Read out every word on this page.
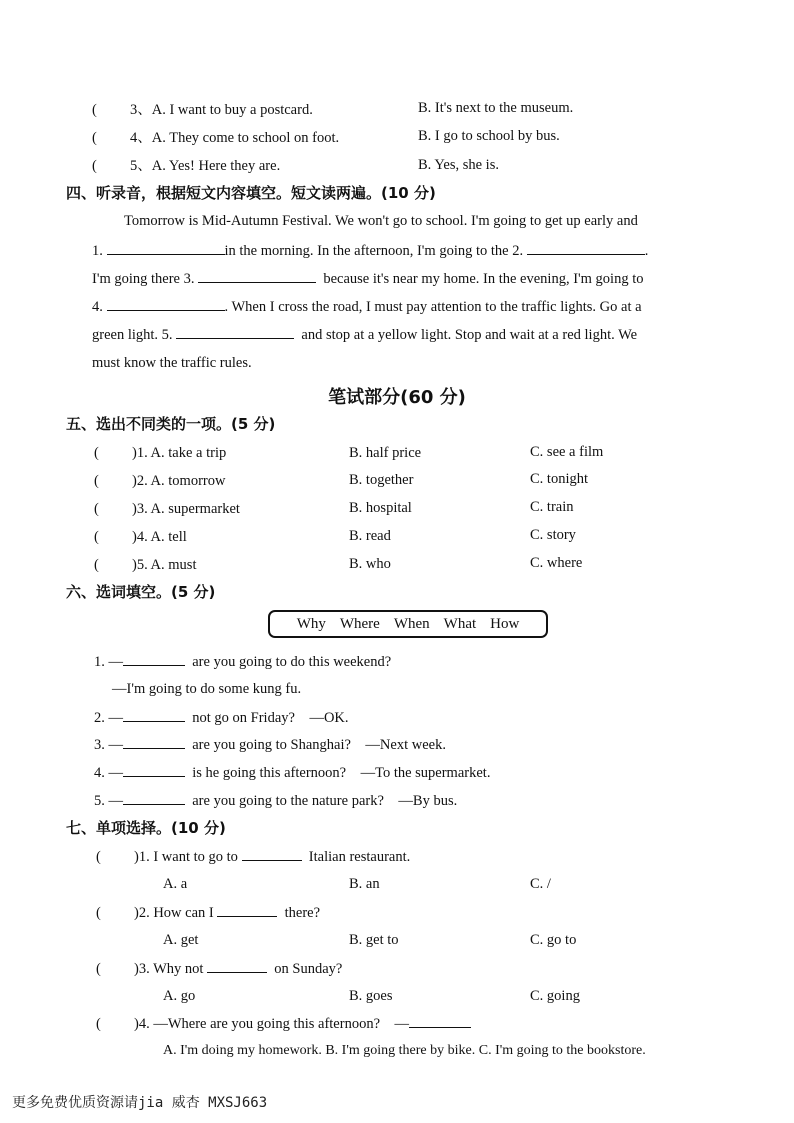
( 3、A. I want to buy a postcard.	B. It's next to the museum.
( 4、A. They come to school on foot.	B. I go to school by bus.
( 5、A. Yes! Here they are.	B. Yes, she is.
四、听录音，根据短文内容填空。短文读两遍。(10 分)
Tomorrow is Mid-Autumn Festival. We won't go to school. I'm going to get up early and
1.	in the morning. In the afternoon, I'm going to the 2.	.
I'm going there 3.	because it's near my home. In the evening, I'm going to
4.	. When I cross the road, I must pay attention to the traffic lights. Go at a
green light. 5.	and stop at a yellow light. Stop and wait at a red light. We
must know the traffic rules.
笔试部分(60 分)
五、选出不同类的一项。(5 分)
( )1. A. take a trip	B. half price	C. see a film
( )2. A. tomorrow	B. together	C. tonight
( )3. A. supermarket	B. hospital	C. train
( )4. A. tell	B. read	C. story
( )5. A. must	B. who	C. where
六、选词填空。(5 分)
Why Where When What How
1. —	are you going to do this weekend?
—I'm going to do some kung fu.
2. —	not go on Friday? —OK.
3. —	are you going to Shanghai? —Next week.
4. —	is he going this afternoon? —To the supermarket.
5. —	are you going to the nature park? —By bus.
七、单项选择。(10 分)
( )1. I want to go to	Italian restaurant.
A. a	B. an	C. /
( )2. How can I	there?
A. get	B. get to	C. go to
( )3. Why not	on Sunday?
A. go	B. goes	C. going
( )4. —Where are you going this afternoon? —
A. I'm doing my homework. B. I'm going there by bike. C. I'm going to the bookstore.
更多免费优质资源请jia 威杏 MXSJ663
